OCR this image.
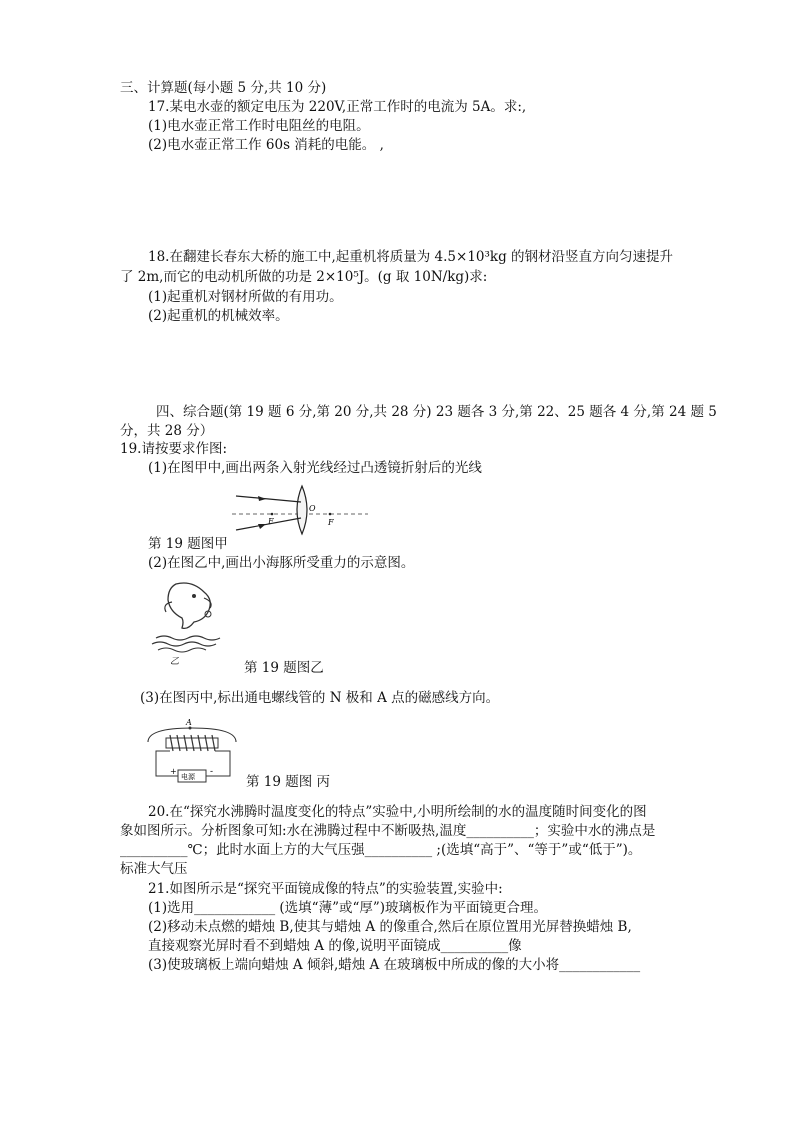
三、计算题(每小题 5 分,共 10 分)
17.某电水壶的额定电压为 220V,正常工作时的电流为 5A。求:,
(1)电水壶正常工作时电阻丝的电阻。
(2)电水壶正常工作 60s 消耗的电能。 ,
18.在翻建长春东大桥的施工中,起重机将质量为 4.5×10³kg 的钢材沿竖直方向匀速提升
了 2m,而它的电动机所做的功是 2×10⁵J。(g 取 10N/kg)求:
(1)起重机对钢材所做的有用功。
(2)起重机的机械效率。
四、综合题(第 19 题 6 分,第 20 分,共 28 分) 23 题各 3 分,第 22、25 题各 4 分,第 24 题 5
分，共 28 分）
19.请按要求作图:
(1)在图甲中,画出两条入射光线经过凸透镜折射后的光线
F
O
F
第 19 题图甲
(2)在图乙中,画出小海豚所受重力的示意图。
乙	第 19 题图乙
(3)在图丙中,标出通电螺线管的 N 极和 A 点的磁感线方向。
A
电源
+	-
第 19 题图 丙
20.在“探究水沸腾时温度变化的特点”实验中,小明所绘制的水的温度随时间变化的图
象如图所示。分析图象可知:水在沸腾过程中不断吸热,温度__________；实验中水的沸点是
__________℃；此时水面上方的大气压强__________ ;(选填“高于”、“等于”或“低于”)。
标准大气压
21.如图所示是“探究平面镜成像的特点”的实验装置,实验中:
(1)选用____________ (选填“薄”或“厚”)玻璃板作为平面镜更合理。
(2)移动未点燃的蜡烛 B,使其与蜡烛 A 的像重合,然后在原位置用光屏替换蜡烛 B,
直接观察光屏时看不到蜡烛 A 的像,说明平面镜成__________像
(3)使玻璃板上端向蜡烛 A 倾斜,蜡烛 A 在玻璃板中所成的像的大小将____________
